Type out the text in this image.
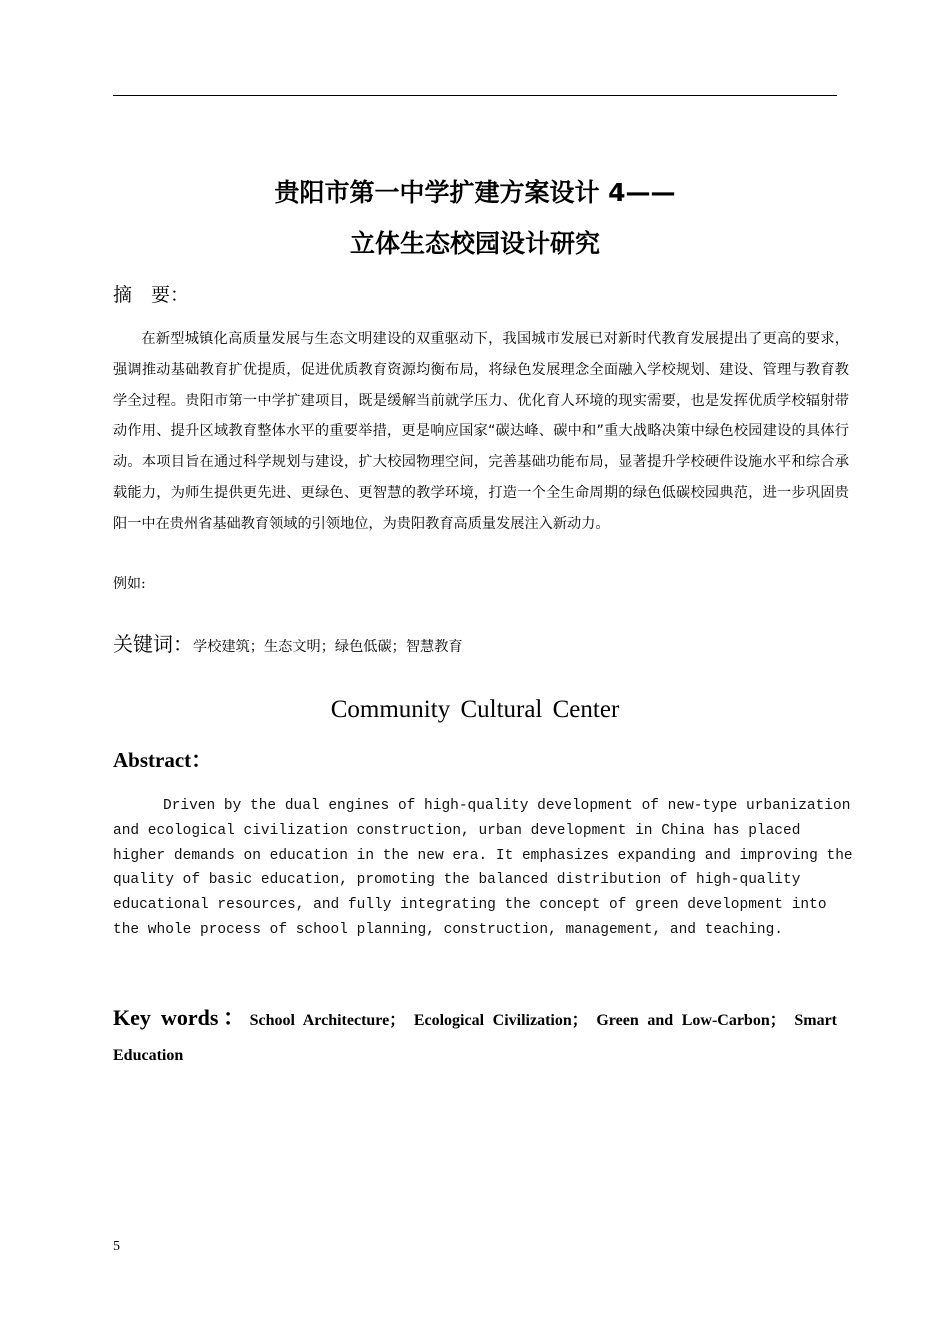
贵阳市第一中学扩建方案设计 4——
立体生态校园设计研究
摘　要：

在新型城镇化高质量发展与生态文明建设的双重驱动下，我国城市发展已对新时代教育发展提出了更高的要求，强调推动基础教育扩优提质，促进优质教育资源均衡布局，将绿色发展理念全面融入学校规划、建设、管理与教育教学全过程。贵阳市第一中学扩建项目，既是缓解当前就学压力、优化育人环境的现实需要，也是发挥优质学校辐射带动作用、提升区域教育整体水平的重要举措，更是响应国家“碳达峰、碳中和”重大战略决策中绿色校园建设的具体行动。本项目旨在通过科学规划与建设，扩大校园物理空间，完善基础功能布局，显著提升学校硬件设施水平和综合承载能力，为师生提供更先进、更绿色、更智慧的教学环境，打造一个全生命周期的绿色低碳校园典范，进一步巩固贵阳一中在贵州省基础教育领域的引领地位，为贵阳教育高质量发展注入新动力。

例如:
关键词：学校建筑；生态文明；绿色低碳；智慧教育
Community Cultural Center
Abstract：

Driven by the dual engines of high-quality development of new-type urbanization and ecological civilization construction, urban development in China has placed higher demands on education in the new era. It emphasizes expanding and improving the quality of basic education, promoting the balanced distribution of high-quality educational resources, and fully integrating the concept of green development into the whole process of school planning, construction, management, and teaching.

Key words：School Architecture； Ecological Civilization； Green and Low-Carbon； Smart Education
5
